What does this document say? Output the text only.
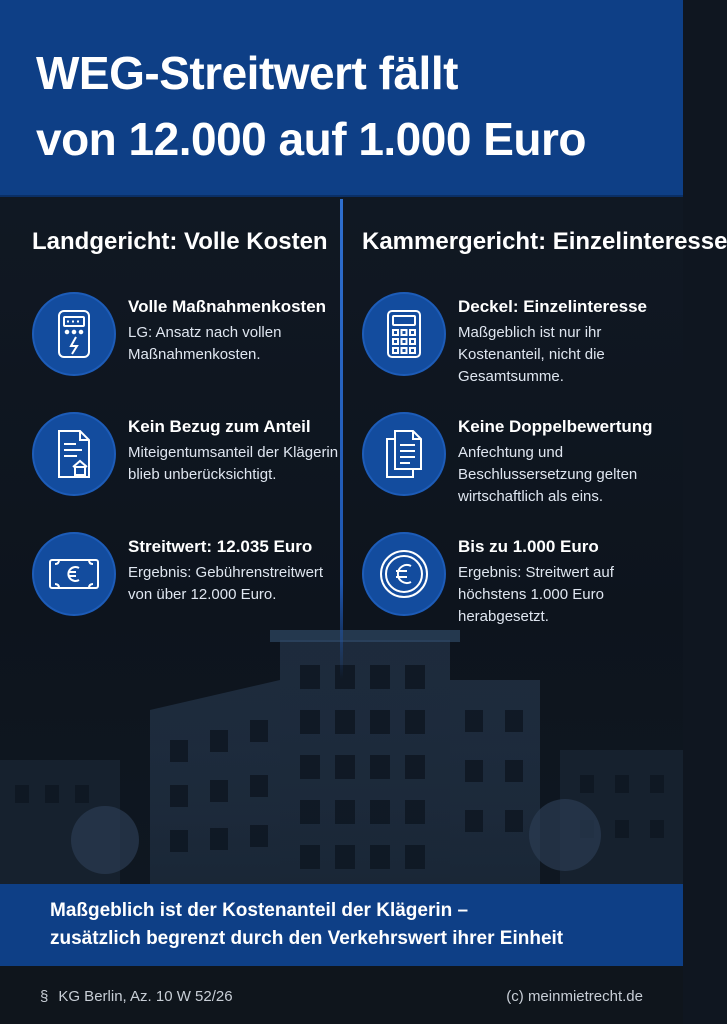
WEG-Streitwert fällt
von 12.000 auf 1.000 Euro
Landgericht: Volle Kosten Kammergericht: Einzelinteresse
Volle Maßnahmenkosten
LG: Ansatz nach vollen Maßnahmenkosten.
Kein Bezug zum Anteil
Miteigentumsanteil der Klägerin blieb unberücksichtigt.
Streitwert: 12.035 Euro
Ergebnis: Gebührenstreitwert von über 12.000 Euro.
Deckel: Einzelinteresse
Maßgeblich ist nur ihr Kostenanteil, nicht die Gesamtsumme.
Keine Doppelbewertung
Anfechtung und Beschlussersetzung gelten wirtschaftlich als eins.
Bis zu 1.000 Euro
Ergebnis: Streitwert auf höchstens 1.000 Euro herabgesetzt.
Maßgeblich ist der Kostenanteil der Klägerin –
zusätzlich begrenzt durch den Verkehrswert ihrer Einheit
§ KG Berlin, Az. 10 W 52/26	(c) meinmietrecht.de
